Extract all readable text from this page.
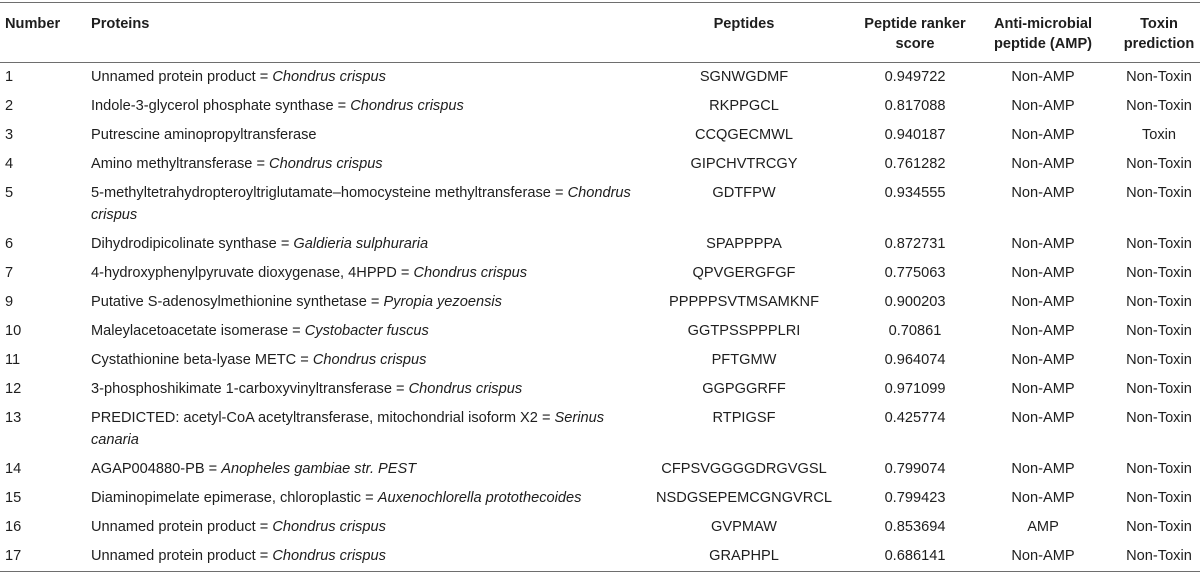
Number	Proteins	Peptides	Peptide ranker score	Anti-microbial peptide (AMP)	Toxin prediction
1	Unnamed protein product = Chondrus crispus	SGNWGDMF	0.949722	Non-AMP	Non-Toxin
2	Indole-3-glycerol phosphate synthase = Chondrus crispus	RKPPGCL	0.817088	Non-AMP	Non-Toxin
3	Putrescine aminopropyltransferase	CCQGECMWL	0.940187	Non-AMP	Toxin
4	Amino methyltransferase = Chondrus crispus	GIPCHVTRCGY	0.761282	Non-AMP	Non-Toxin
5	5-methyltetrahydropteroyltriglutamate–homocysteine methyltransferase = Chondrus crispus	GDTFPW	0.934555	Non-AMP	Non-Toxin
6	Dihydrodipicolinate synthase = Galdieria sulphuraria	SPAPPPPA	0.872731	Non-AMP	Non-Toxin
7	4-hydroxyphenylpyruvate dioxygenase, 4HPPD = Chondrus crispus	QPVGERGFGF	0.775063	Non-AMP	Non-Toxin
9	Putative S-adenosylmethionine synthetase = Pyropia yezoensis	PPPPPSVTMSAMKNF	0.900203	Non-AMP	Non-Toxin
10	Maleylacetoacetate isomerase = Cystobacter fuscus	GGTPSSPPPLRI	0.70861	Non-AMP	Non-Toxin
11	Cystathionine beta-lyase METC = Chondrus crispus	PFTGMW	0.964074	Non-AMP	Non-Toxin
12	3-phosphoshikimate 1-carboxyvinyltransferase = Chondrus crispus	GGPGGRFF	0.971099	Non-AMP	Non-Toxin
13	PREDICTED: acetyl-CoA acetyltransferase, mitochondrial isoform X2 = Serinus canaria	RTPIGSF	0.425774	Non-AMP	Non-Toxin
14	AGAP004880-PB = Anopheles gambiae str. PEST	CFPSVGGGGDRGVGSL	0.799074	Non-AMP	Non-Toxin
15	Diaminopimelate epimerase, chloroplastic = Auxenochlorella protothecoides	NSDGSEPEMCGNGVRCL	0.799423	Non-AMP	Non-Toxin
16	Unnamed protein product = Chondrus crispus	GVPMAW	0.853694	AMP	Non-Toxin
17	Unnamed protein product = Chondrus crispus	GRAPHPL	0.686141	Non-AMP	Non-Toxin
